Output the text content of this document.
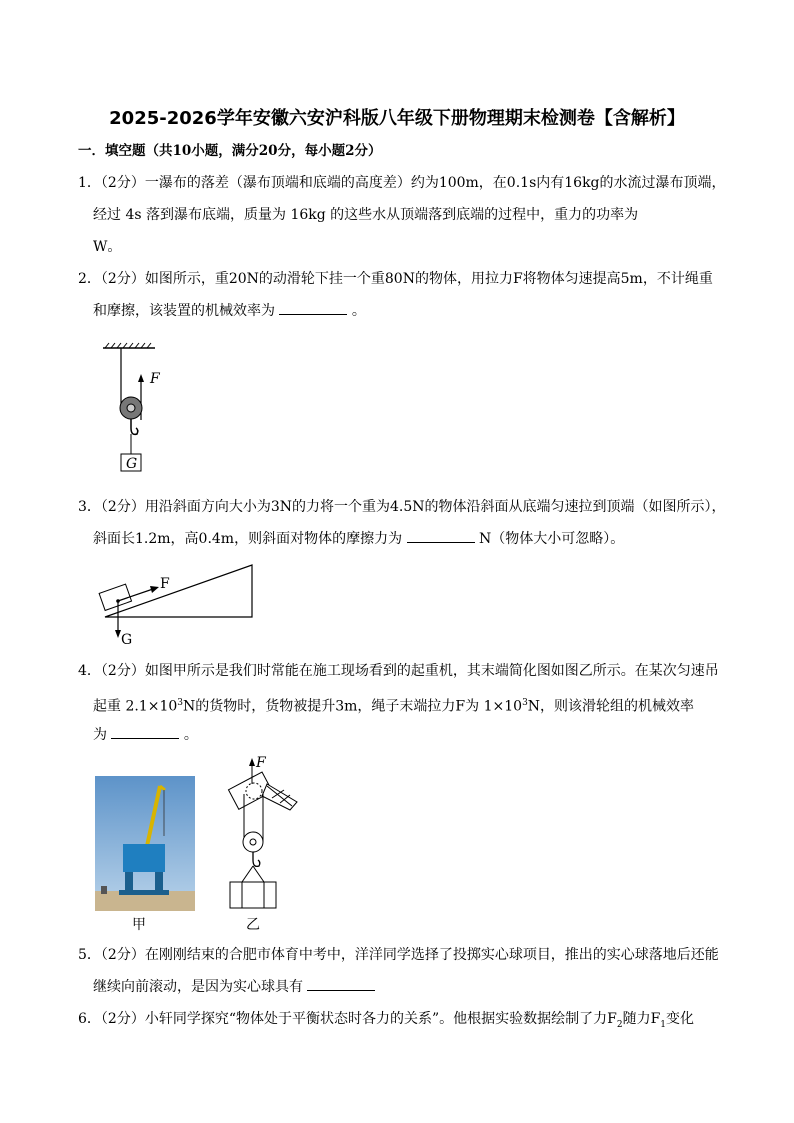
2025-2026学年安徽六安沪科版八年级下册物理期末检测卷【含解析】
一．填空题（共10小题，满分20分，每小题2分）
1．（2分）一瀑布的落差（瀑布顶端和底端的高度差）约为100m，在0.1s内有16kg的水流过瀑布顶端，
经过 4s 落到瀑布底端，质量为 16kg 的这些水从顶端落到底端的过程中，重力的功率为
W。
2．（2分）如图所示，重20N的动滑轮下挂一个重80N的物体，用拉力F将物体匀速提高5m，不计绳重
和摩擦，该装置的机械效率为	。
F
G
3．（2分）用沿斜面方向大小为3N的力将一个重为4.5N的物体沿斜面从底端匀速拉到顶端（如图所示），
斜面长1.2m，高0.4m，则斜面对物体的摩擦力为	N（物体大小可忽略）。
F
G
4．（2分）如图甲所示是我们时常能在施工现场看到的起重机，其末端简化图如图乙所示。在某次匀速吊
起重 $2.1\times 10^3N$的货物时，货物被提升3m，绳子末端拉力F为 $1\times 10^3N$，则该滑轮组的机械效率
为	。
甲
F
乙
5．（2分）在刚刚结束的合肥市体育中考中，洋洋同学选择了投掷实心球项目，推出的实心球落地后还能
继续向前滚动，是因为实心球具有
6．（2分）小轩同学探究“物体处于平衡状态时各力的关系”。他根据实验数据绘制了力$F_2$随力$F_1$变化
